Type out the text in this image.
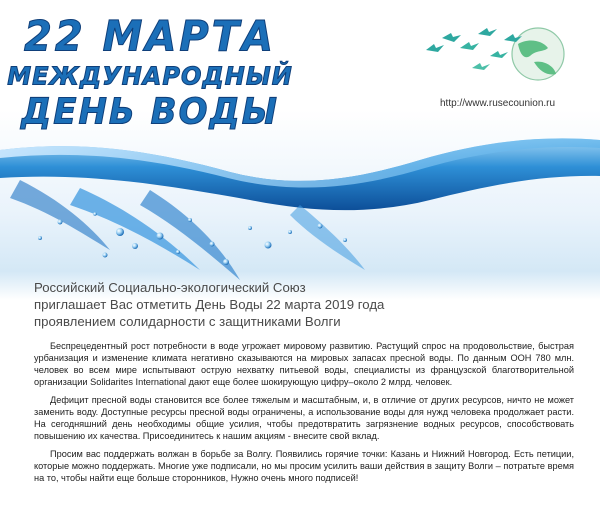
22 МАРТА
МЕЖДУНАРОДНЫЙ
ДЕНЬ ВОДЫ	http://www.rusecounion.ru
Российский Социально-экологический Союз
приглашает Вас отметить День Воды 22 марта 2019 года
проявлением солидарности с защитниками Волги

Беспрецедентный рост потребности в воде угрожает мировому развитию. Растущий спрос на продовольствие, быстрая урбанизация и изменение климата негативно сказываются на мировых запасах пресной воды. По данным ООН 780 млн. человек во всем мире испытывают острую нехватку питьевой воды, специалисты из французской благотворительной организации Solidarites International дают еще более шокирующую цифру–около 2 млрд. человек.

Дефицит пресной воды становится все более тяжелым и масштабным, и, в отличие от других ресурсов, ничто не может заменить воду. Доступные ресурсы пресной воды ограничены, а использование воды для нужд человека продолжает расти. На сегодняшний день необходимы общие усилия, чтобы предотвратить загрязнение водных ресурсов, способствовать повышению их качества. Присоединитесь к нашим акциям - внесите свой вклад.

Просим вас поддержать волжан в борьбе за Волгу. Появились горячие точки: Казань и Нижний Новгород. Есть петиции, которые можно поддержать. Многие уже подписали, но мы просим усилить ваши действия в защиту Волги – потратьте время на то, чтобы найти еще больше сторонников, Нужно очень много подписей!
